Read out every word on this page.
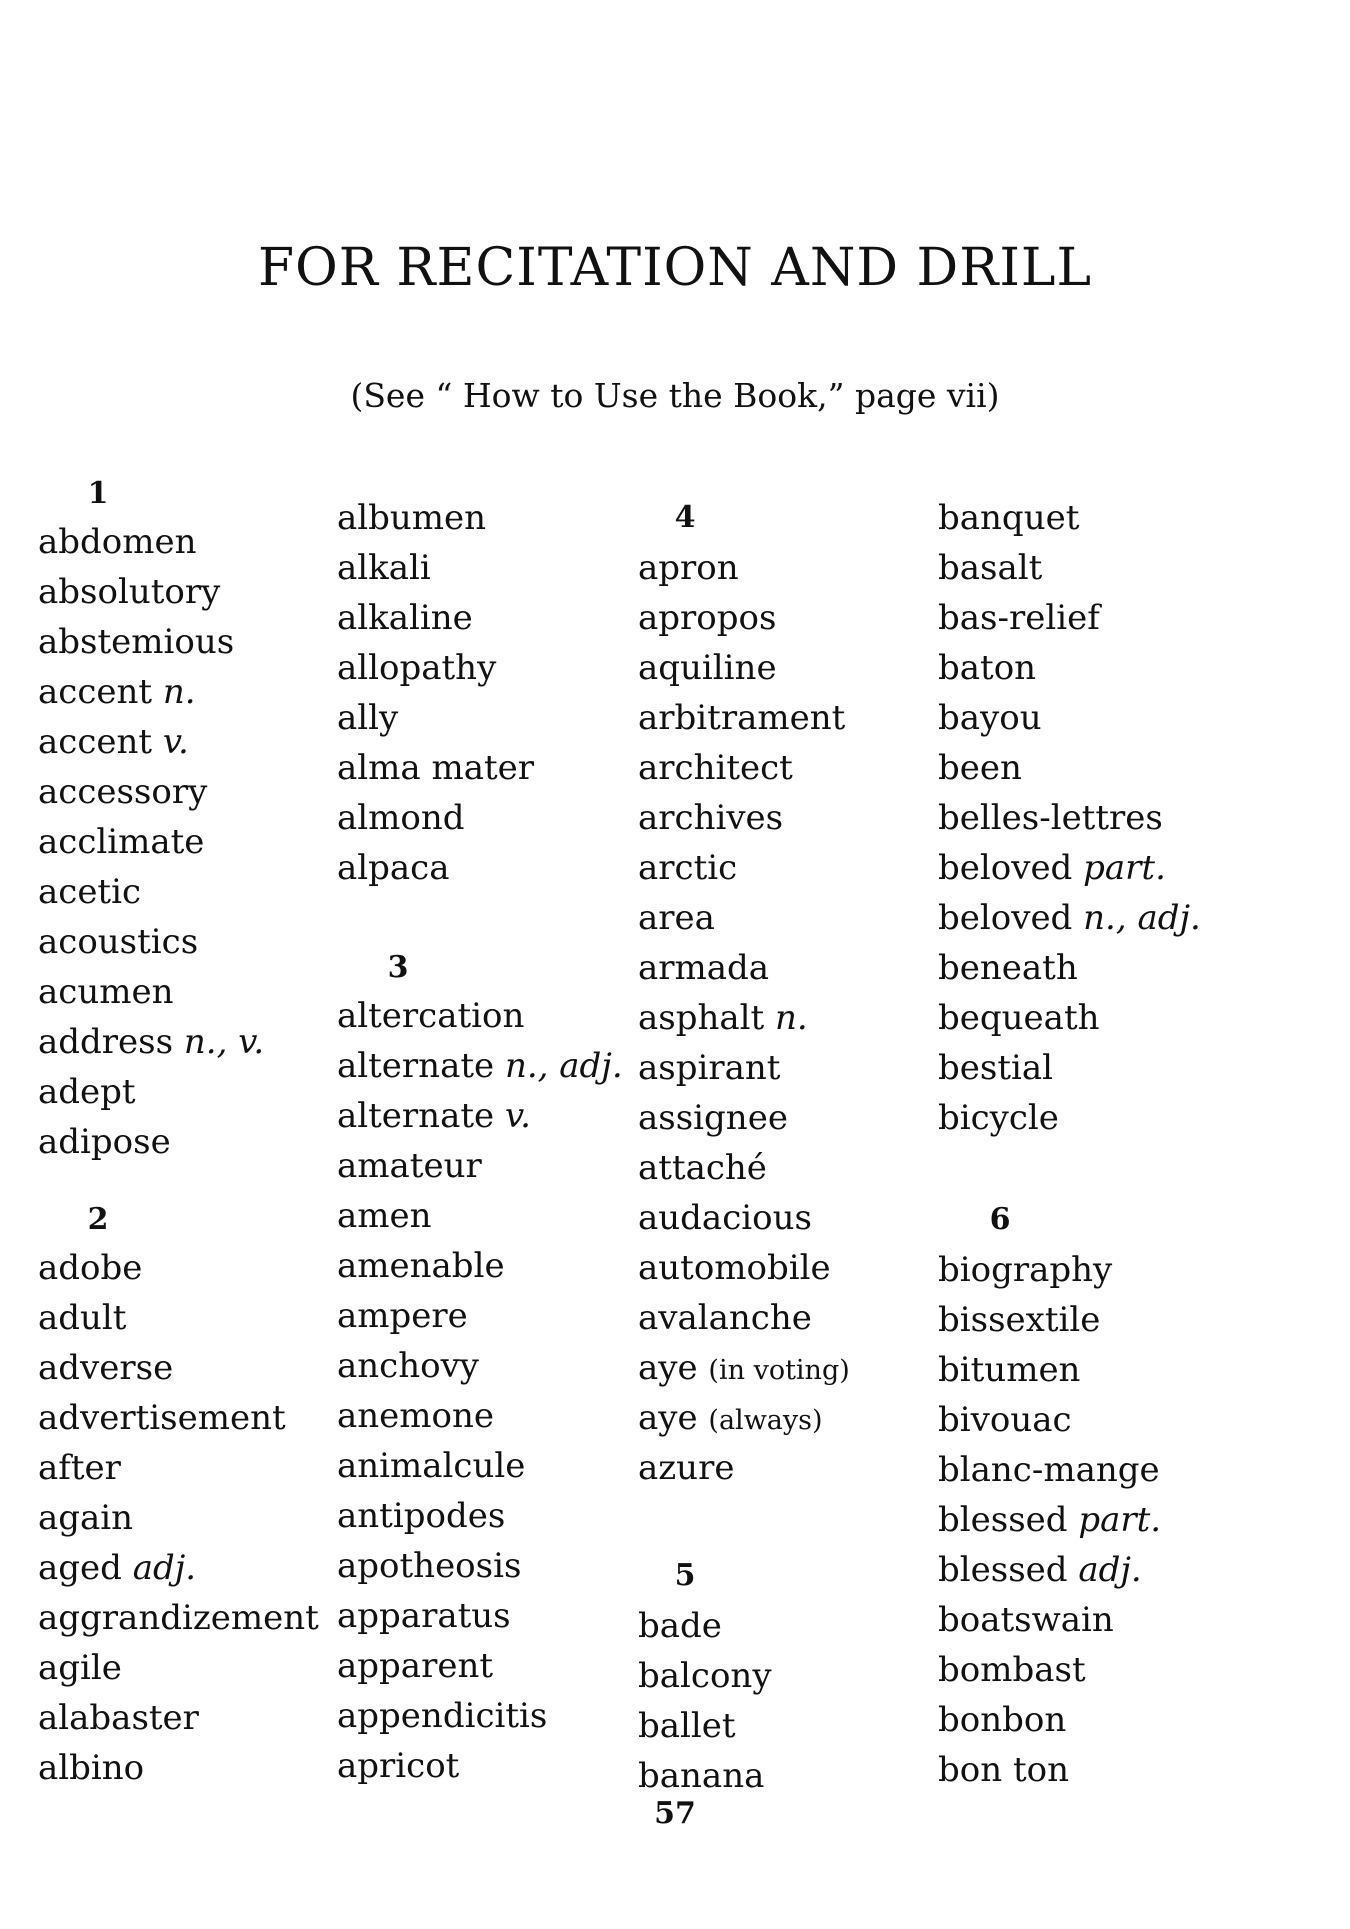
FOR RECITATION AND DRILL
(See “ How to Use the Book,” page vii)
1
abdomen
absolutory
abstemious
accent n.
accent v.
accessory
acclimate
acetic
acoustics
acumen
address n., v.
adept
adipose
2
adobe
adult
adverse
advertisement
after
again
aged adj.
aggrandizement
agile
alabaster
albino
albumen
alkali
alkaline
allopathy
ally
alma mater
almond
alpaca
3
altercation
alternate n., adj.
alternate v.
amateur
amen
amenable
ampere
anchovy
anemone
animalcule
antipodes
apotheosis
apparatus
apparent
appendicitis
apricot
4
apron
apropos
aquiline
arbitrament
architect
archives
arctic
area
armada
asphalt n.
aspirant
assignee
attaché
audacious
automobile
avalanche
aye (in voting)
aye (always)
azure
5
bade
balcony
ballet
banana
banquet
basalt
bas-relief
baton
bayou
been
belles-lettres
beloved part.
beloved n., adj.
beneath
bequeath
bestial
bicycle
6
biography
bissextile
bitumen
bivouac
blanc-mange
blessed part.
blessed adj.
boatswain
bombast
bonbon
bon ton
57
